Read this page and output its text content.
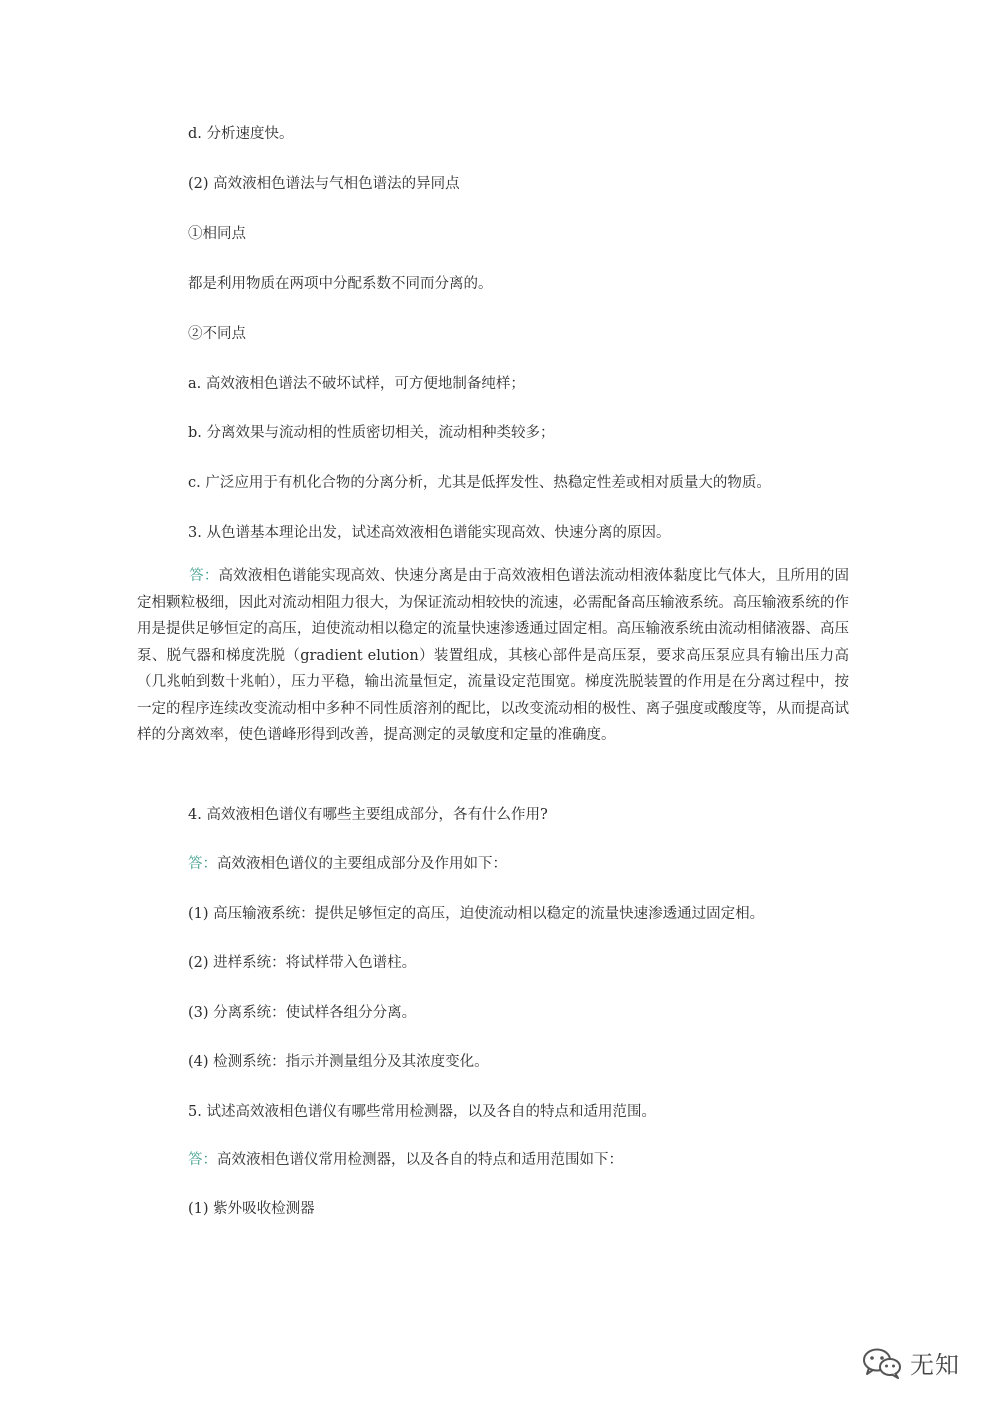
d. 分析速度快。
(2) 高效液相色谱法与气相色谱法的异同点
①相同点
都是利用物质在两项中分配系数不同而分离的。
②不同点
a. 高效液相色谱法不破坏试样，可方便地制备纯样；
b. 分离效果与流动相的性质密切相关，流动相种类较多；
c. 广泛应用于有机化合物的分离分析，尤其是低挥发性、热稳定性差或相对质量大的物质。
3. 从色谱基本理论出发，试述高效液相色谱能实现高效、快速分离的原因。
答：高效液相色谱能实现高效、快速分离是由于高效液相色谱法流动相液体黏度比气体大，且所用的固定相颗粒极细，因此对流动相阻力很大，为保证流动相较快的流速，必需配备高压输液系统。高压输液系统的作用是提供足够恒定的高压，迫使流动相以稳定的流量快速渗透通过固定相。高压输液系统由流动相储液器、高压泵、脱气器和梯度洗脱（gradient elution）装置组成，其核心部件是高压泵，要求高压泵应具有输出压力高（几兆帕到数十兆帕），压力平稳，输出流量恒定，流量设定范围宽。梯度洗脱装置的作用是在分离过程中，按一定的程序连续改变流动相中多种不同性质溶剂的配比，以改变流动相的极性、离子强度或酸度等，从而提高试样的分离效率，使色谱峰形得到改善，提高测定的灵敏度和定量的准确度。
4. 高效液相色谱仪有哪些主要组成部分，各有什么作用?
答：高效液相色谱仪的主要组成部分及作用如下：
(1) 高压输液系统：提供足够恒定的高压，迫使流动相以稳定的流量快速渗透通过固定相。
(2) 进样系统：将试样带入色谱柱。
(3) 分离系统：使试样各组分分离。
(4) 检测系统：指示并测量组分及其浓度变化。
5. 试述高效液相色谱仪有哪些常用检测器，以及各自的特点和适用范围。
答：高效液相色谱仪常用检测器，以及各自的特点和适用范围如下：
(1) 紫外吸收检测器
无知
